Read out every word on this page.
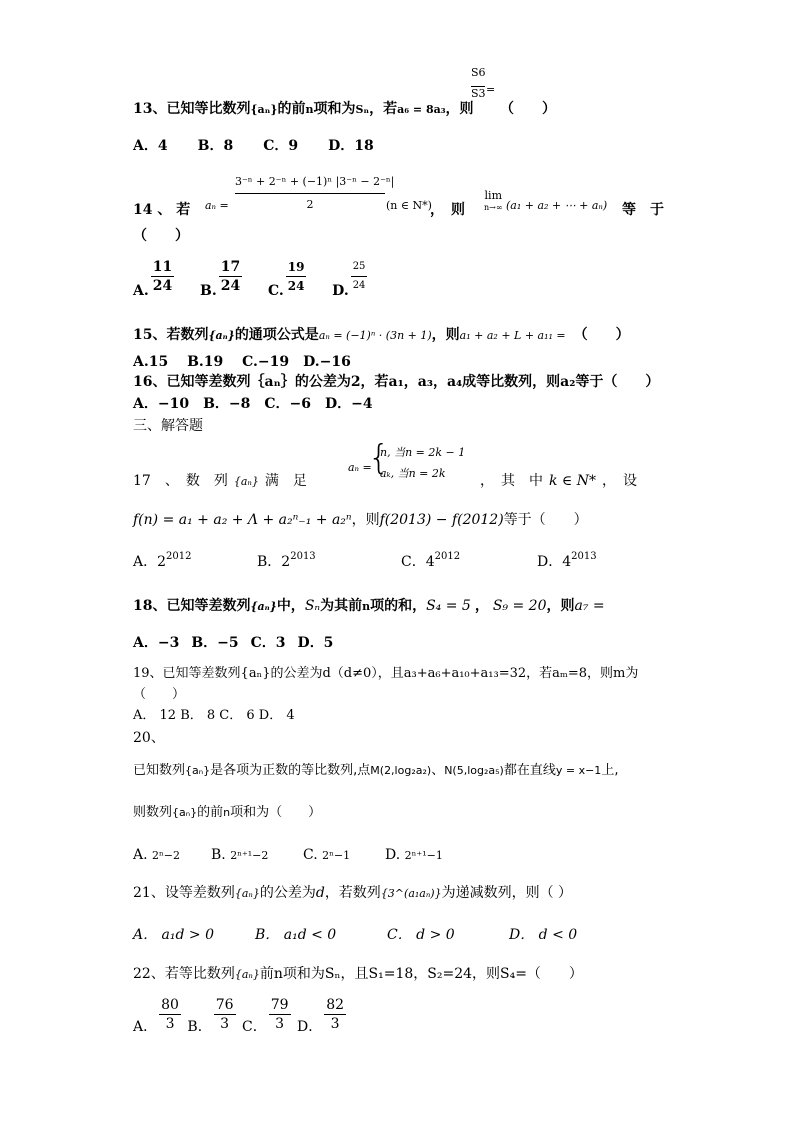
13、已知等比数列{aₙ}的前n项和为Sₙ，若a₆ = 8a₃，则
S6
S3 =
（　　）
A．4 B．8 C．9 D．18
14 、 若 aₙ =
3⁻ⁿ + 2⁻ⁿ + (−1)ⁿ |3⁻ⁿ − 2⁻ⁿ|
2	(n ∈ N*)
，　则
lim
n→∞ (a₁ + a₂ + ⋯ + aₙ) 等　于
（　　）
A. $\frac{11}{24} B$. $\frac{17}{24} C$. $\frac{19}{24} D$. $\frac{25}{24}$
15、若数列{aₙ}的通项公式是aₙ = (−1)ⁿ · (3n + 1)，则a₁ + a₂ + L + a₁₁ = （　　）
A.15　 B.19　 C.−19　D.−16
16、已知等差数列｛aₙ｝的公差为2，若a₁，a₃，a₄成等比数列，则a₂等于（　　）
A．−10　B．−8　C．−6　D．−4
三、解答题
aₙ =
{
n, 当n = 2k − 1
aₖ, 当n = 2k
17　、　数　列 {aₙ} 满　足	，　其　中 k ∈ N* ，　设
f(n) = a₁ + a₂ + Λ + a₂ⁿ₋₁ + a₂ⁿ，则f(2013) − f(2012)等于（　　）
A．$2^{2012}$	B．$2^{2013}$	C．$4^{2012}$	D．$4^{2013}$
18、已知等差数列{aₙ}中，Sₙ为其前n项的和，S₄ = 5 ， S₉ = 20，则a₇ =
A．−3 B．−5 C．3 D．5
19、已知等差数列{aₙ}的公差为d（d≠0），且a₃+a₆+a₁₀+a₁₃=32，若aₘ=8，则m为
（　　）
A． 12 B． 8 C． 6 D． 4
20、
已知数列{aₙ}是各项为正数的等比数列,点M(2,log₂a₂)、N(5,log₂a₅)都在直线y = x−1上,
则数列{aₙ}的前n项和为（　　）
A. 2ⁿ−2 B. 2ⁿ⁺¹−2 C. 2ⁿ−1 D. 2ⁿ⁺¹−1
21、设等差数列{aₙ}的公差为d，若数列{3^(a₁aₙ)}为递减数列，则（ ）
A． a₁d > 0	B． a₁d < 0	C． d > 0	D． d < 0
22、若等比数列{aₙ}前n项和为Sₙ，且S₁=18，S₂=24，则S₄=（　　）
A． $\frac{80}{3}$ B． $\frac{76}{3}$ C． $\frac{79}{3}$ D． $\frac{82}{3}$
